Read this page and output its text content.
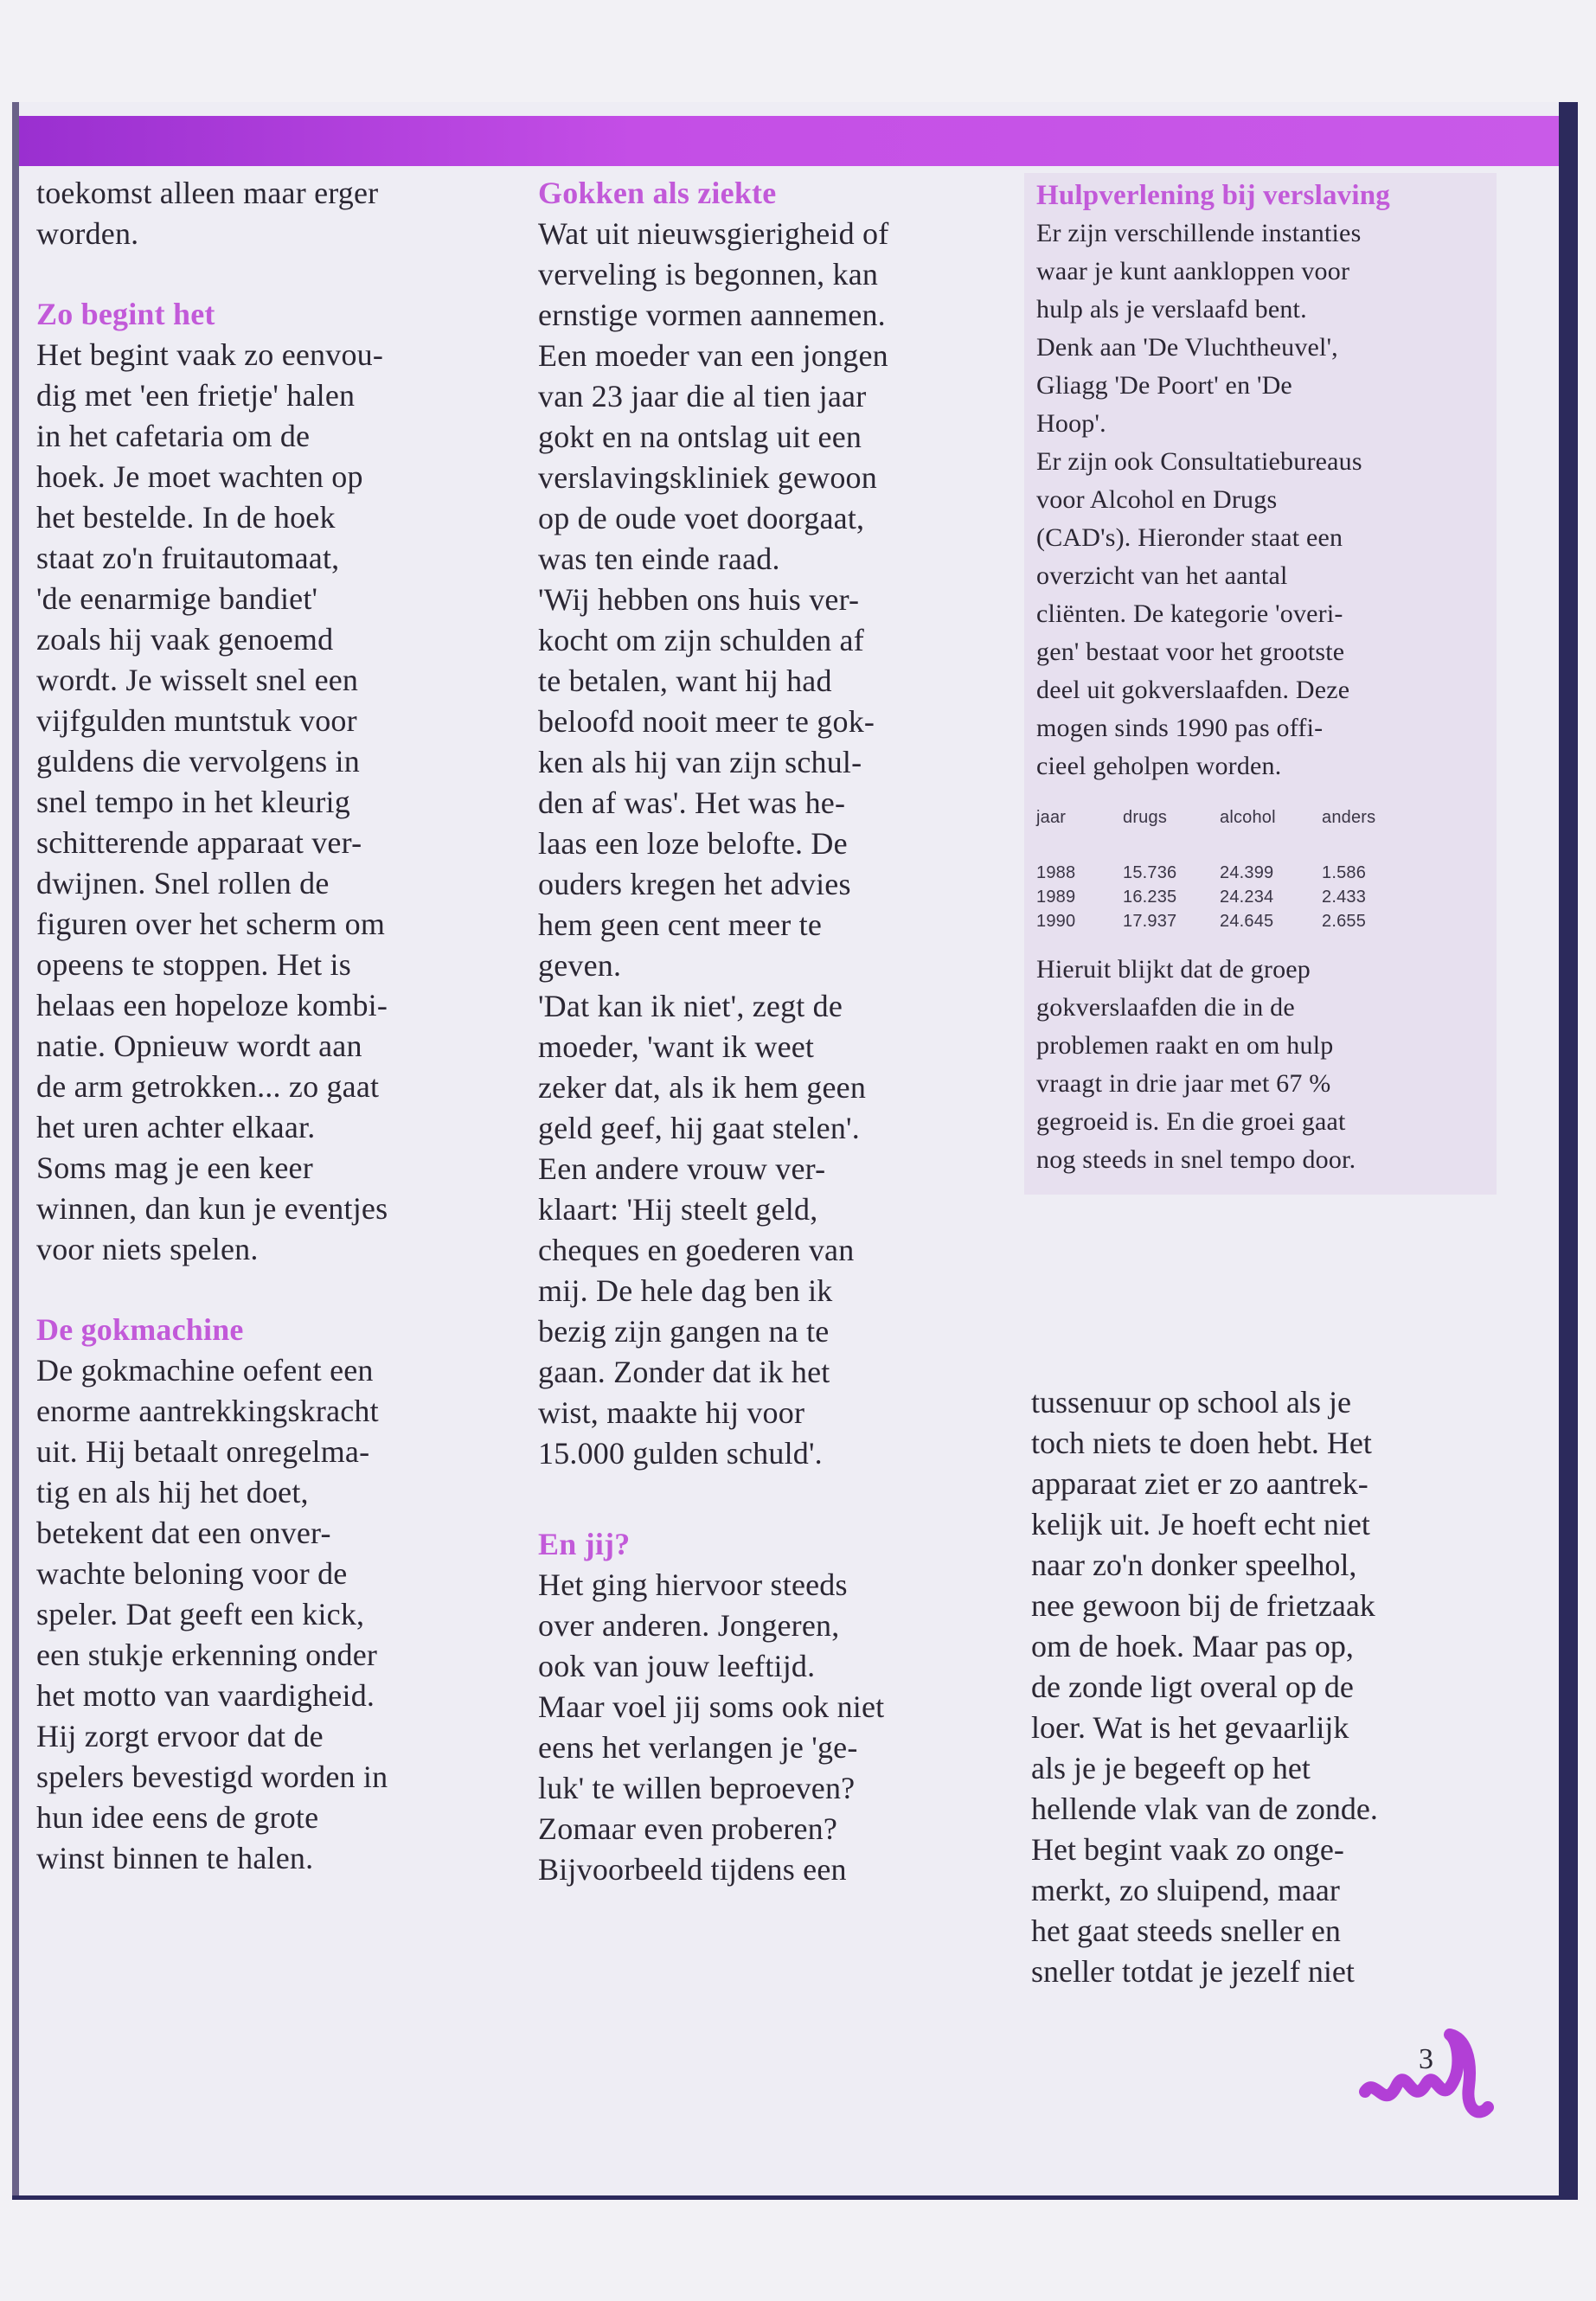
toekomst alleen maar erger
worden.
Zo begint het
Het begint vaak zo eenvou-
dig met 'een frietje' halen
in het cafetaria om de
hoek. Je moet wachten op
het bestelde. In de hoek
staat zo'n fruitautomaat,
'de eenarmige bandiet'
zoals hij vaak genoemd
wordt. Je wisselt snel een
vijfgulden muntstuk voor
guldens die vervolgens in
snel tempo in het kleurig
schitterende apparaat ver-
dwijnen. Snel rollen de
figuren over het scherm om
opeens te stoppen. Het is
helaas een hopeloze kombi-
natie. Opnieuw wordt aan
de arm getrokken... zo gaat
het uren achter elkaar.
Soms mag je een keer
winnen, dan kun je eventjes
voor niets spelen.
De gokmachine
De gokmachine oefent een
enorme aantrekkingskracht
uit. Hij betaalt onregelma-
tig en als hij het doet,
betekent dat een onver-
wachte beloning voor de
speler. Dat geeft een kick,
een stukje erkenning onder
het motto van vaardigheid.
Hij zorgt ervoor dat de
spelers bevestigd worden in
hun idee eens de grote
winst binnen te halen.
Gokken als ziekte
Wat uit nieuwsgierigheid of
verveling is begonnen, kan
ernstige vormen aannemen.
Een moeder van een jongen
van 23 jaar die al tien jaar
gokt en na ontslag uit een
verslavingskliniek gewoon
op de oude voet doorgaat,
was ten einde raad.
'Wij hebben ons huis ver-
kocht om zijn schulden af
te betalen, want hij had
beloofd nooit meer te gok-
ken als hij van zijn schul-
den af was'. Het was he-
laas een loze belofte. De
ouders kregen het advies
hem geen cent meer te
geven.
'Dat kan ik niet', zegt de
moeder, 'want ik weet
zeker dat, als ik hem geen
geld geef, hij gaat stelen'.
Een andere vrouw ver-
klaart: 'Hij steelt geld,
cheques en goederen van
mij. De hele dag ben ik
bezig zijn gangen na te
gaan. Zonder dat ik het
wist, maakte hij voor
15.000 gulden schuld'.
En jij?
Het ging hiervoor steeds
over anderen. Jongeren,
ook van jouw leeftijd.
Maar voel jij soms ook niet
eens het verlangen je 'ge-
luk' te willen beproeven?
Zomaar even proberen?
Bijvoorbeeld tijdens een
Hulpverlening bij verslaving

Er zijn verschillende instanties
waar je kunt aankloppen voor
hulp als je verslaafd bent.
Denk aan 'De Vluchtheuvel',
Gliagg 'De Poort' en 'De
Hoop'.
Er zijn ook Consultatiebureaus
voor Alcohol en Drugs
(CAD's). Hieronder staat een
overzicht van het aantal
cliënten. De kategorie 'overi-
gen' bestaat voor het grootste
deel uit gokverslaafden. Deze
mogen sinds 1990 pas offi-
cieel geholpen worden.

jaar	drugs	alcohol	anders
1988	15.736	24.399	1.586
1989	16.235	24.234	2.433
1990	17.937	24.645	2.655

Hieruit blijkt dat de groep
gokverslaafden die in de
problemen raakt en om hulp
vraagt in drie jaar met 67 %
gegroeid is. En die groei gaat
nog steeds in snel tempo door.

tussenuur op school als je
toch niets te doen hebt. Het
apparaat ziet er zo aantrek-
kelijk uit. Je hoeft echt niet
naar zo'n donker speelhol,
nee gewoon bij de frietzaak
om de hoek. Maar pas op,
de zonde ligt overal op de
loer. Wat is het gevaarlijk
als je je begeeft op het
hellende vlak van de zonde.
Het begint vaak zo onge-
merkt, zo sluipend, maar
het gaat steeds sneller en
sneller totdat je jezelf niet
3
